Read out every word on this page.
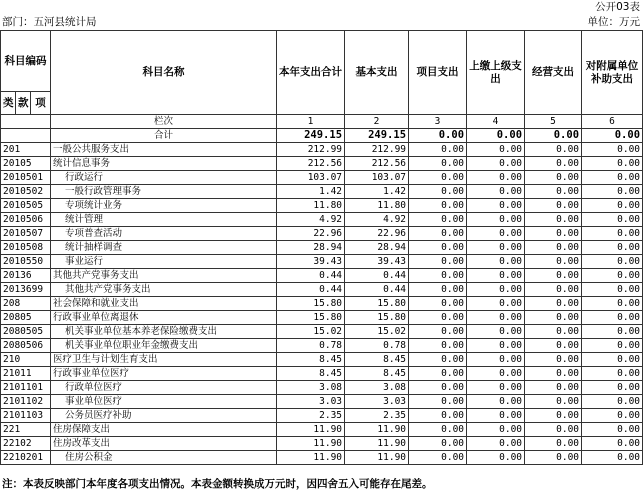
公开03表
部门：五河县统计局	单位：万元
科目编码			科目名称	本年支出合计	基本支出	项目支出	上缴上级支出	经营支出	对附属单位补助支出
类	款	项							
			栏次	1	2	3	4	5	6
			合计	249.15	249.15	0.00	0.00	0.00	0.00
201			一般公共服务支出	212.99	212.99	0.00	0.00	0.00	0.00
20105			统计信息事务	212.56	212.56	0.00	0.00	0.00	0.00
2010501			行政运行	103.07	103.07	0.00	0.00	0.00	0.00
2010502			一般行政管理事务	1.42	1.42	0.00	0.00	0.00	0.00
2010505			专项统计业务	11.80	11.80	0.00	0.00	0.00	0.00
2010506			统计管理	4.92	4.92	0.00	0.00	0.00	0.00
2010507			专项普查活动	22.96	22.96	0.00	0.00	0.00	0.00
2010508			统计抽样调查	28.94	28.94	0.00	0.00	0.00	0.00
2010550			事业运行	39.43	39.43	0.00	0.00	0.00	0.00
20136			其他共产党事务支出	0.44	0.44	0.00	0.00	0.00	0.00
2013699			其他共产党事务支出	0.44	0.44	0.00	0.00	0.00	0.00
208			社会保障和就业支出	15.80	15.80	0.00	0.00	0.00	0.00
20805			行政事业单位离退休	15.80	15.80	0.00	0.00	0.00	0.00
2080505			机关事业单位基本养老保险缴费支出	15.02	15.02	0.00	0.00	0.00	0.00
2080506			机关事业单位职业年金缴费支出	0.78	0.78	0.00	0.00	0.00	0.00
210			医疗卫生与计划生育支出	8.45	8.45	0.00	0.00	0.00	0.00
21011			行政事业单位医疗	8.45	8.45	0.00	0.00	0.00	0.00
2101101			行政单位医疗	3.08	3.08	0.00	0.00	0.00	0.00
2101102			事业单位医疗	3.03	3.03	0.00	0.00	0.00	0.00
2101103			公务员医疗补助	2.35	2.35	0.00	0.00	0.00	0.00
221			住房保障支出	11.90	11.90	0.00	0.00	0.00	0.00
22102			住房改革支出	11.90	11.90	0.00	0.00	0.00	0.00
2210201			住房公积金	11.90	11.90	0.00	0.00	0.00	0.00
注：本表反映部门本年度各项支出情况。本表金额转换成万元时，因四舍五入可能存在尾差。
